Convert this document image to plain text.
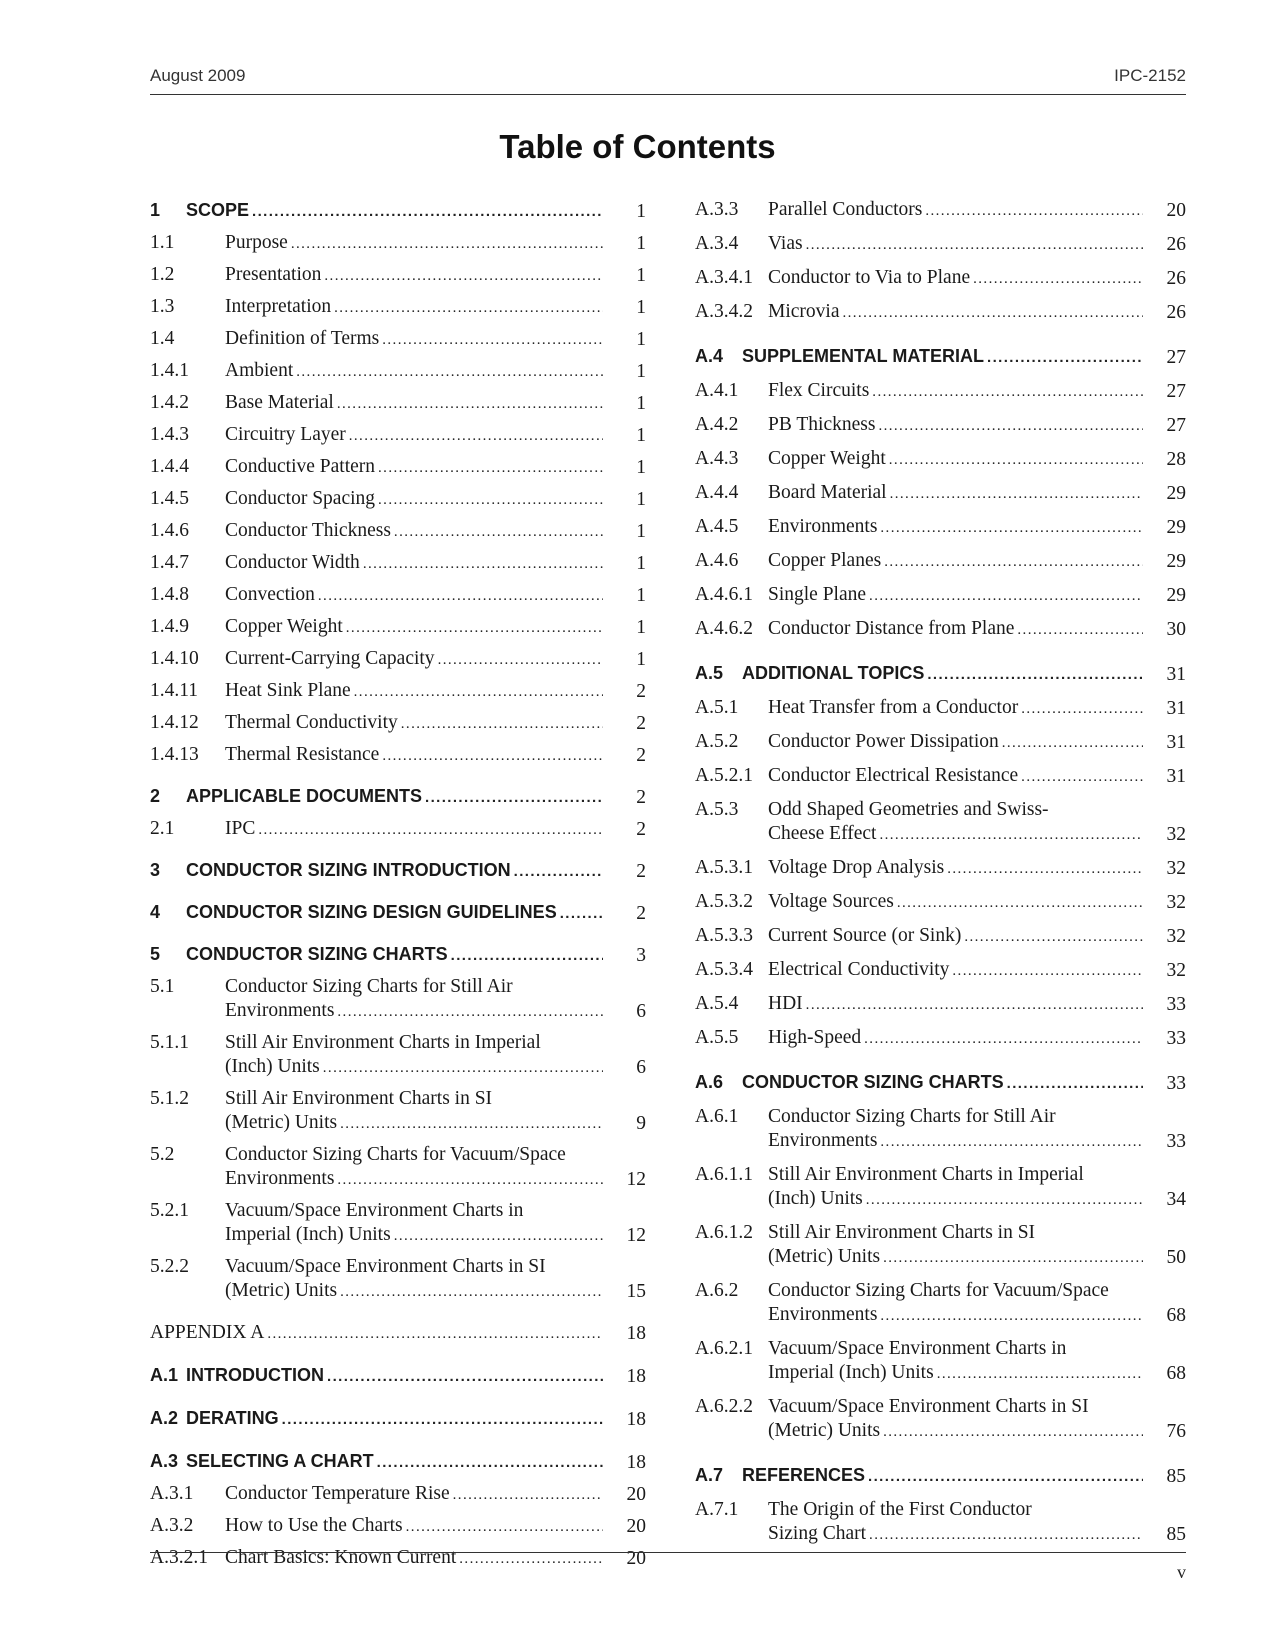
August 2009	IPC-2152
Table of Contents
1 SCOPE .....	1
1.1	Purpose .....	1
1.2	Presentation .....	1
1.3	Interpretation .....	1
1.4	Definition of Terms .....	1
1.4.1 Ambient .....	1
1.4.2 Base Material .....	1
1.4.3 Circuitry Layer .....	1
1.4.4 Conductive Pattern .....	1
1.4.5 Conductor Spacing .....	1
1.4.6 Conductor Thickness .....	1
1.4.7 Conductor Width .....	1
1.4.8 Convection .....	1
1.4.9 Copper Weight .....	1
1.4.10 Current-Carrying Capacity .....	1
1.4.11 Heat Sink Plane .....	2
1.4.12 Thermal Conductivity .....	2
1.4.13 Thermal Resistance .....	2
2 APPLICABLE DOCUMENTS .....	2
2.1	IPC .....	2
3 CONDUCTOR SIZING INTRODUCTION .....	2
4 CONDUCTOR SIZING DESIGN GUIDELINES .....	2
5 CONDUCTOR SIZING CHARTS .....	3
5.1	Conductor Sizing Charts for Still Air
Environments .....	6
5.1.1 Still Air Environment Charts in Imperial
(Inch) Units .....	6
5.1.2 Still Air Environment Charts in SI
(Metric) Units .....	9
5.2	Conductor Sizing Charts for Vacuum/Space
Environments .....	12
5.2.1 Vacuum/Space Environment Charts in
Imperial (Inch) Units .....	12
5.2.2 Vacuum/Space Environment Charts in SI
(Metric) Units .....	15
APPENDIX A .....	18
A.1 INTRODUCTION .....	18
A.2 DERATING .....	18
A.3 SELECTING A CHART .....	18
A.3.1 Conductor Temperature Rise .....	20
A.3.2 How to Use the Charts .....	20
A.3.2.1 Chart Basics: Known Current .....	20
A.3.3 Parallel Conductors .....	20
A.3.4 Vias .....	26
A.3.4.1 Conductor to Via to Plane .....	26
A.3.4.2 Microvia .....	26
A.4 SUPPLEMENTAL MATERIAL .....	27
A.4.1 Flex Circuits .....	27
A.4.2 PB Thickness .....	27
A.4.3 Copper Weight .....	28
A.4.4 Board Material .....	29
A.4.5 Environments .....	29
A.4.6 Copper Planes .....	29
A.4.6.1 Single Plane .....	29
A.4.6.2 Conductor Distance from Plane .....	30
A.5 ADDITIONAL TOPICS .....	31
A.5.1 Heat Transfer from a Conductor .....	31
A.5.2 Conductor Power Dissipation .....	31
A.5.2.1 Conductor Electrical Resistance .....	31
A.5.3 Odd Shaped Geometries and Swiss-
Cheese Effect .....	32
A.5.3.1 Voltage Drop Analysis .....	32
A.5.3.2 Voltage Sources .....	32
A.5.3.3 Current Source (or Sink) .....	32
A.5.3.4 Electrical Conductivity .....	32
A.5.4 HDI .....	33
A.5.5 High-Speed .....	33
A.6 CONDUCTOR SIZING CHARTS .....	33
A.6.1 Conductor Sizing Charts for Still Air
Environments .....	33
A.6.1.1 Still Air Environment Charts in Imperial
(Inch) Units .....	34
A.6.1.2 Still Air Environment Charts in SI
(Metric) Units .....	50
A.6.2 Conductor Sizing Charts for Vacuum/Space
Environments .....	68
A.6.2.1 Vacuum/Space Environment Charts in
Imperial (Inch) Units .....	68
A.6.2.2 Vacuum/Space Environment Charts in SI
(Metric) Units .....	76
A.7 REFERENCES .....	85
A.7.1 The Origin of the First Conductor
Sizing Chart .....	85
v
